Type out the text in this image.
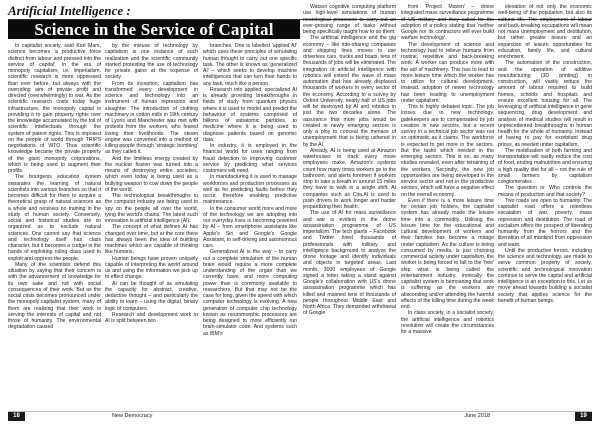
Artificial Intelligence :
Science in the Service of Capital

In capitalist society, said Karl Marx, science becomes 'a productive force distinct from labour and pressed into the service of capital'. In the era of monopoly capitalism, i.e. imperialism, scientific research is more oppressed than ever before, but always with the overriding aim of private profit and directed (overwhelmingly) to war. As the scientific research costs today huge infrastructure, the monopoly capital is providing it to gain property rights over the knowledge accumulated by the toil of scientific intellectuals through the system of patent rights. This is imposed on the people of world through TRIPS negotiations of WTO. Thus scientific knowledge became the private property of the giant monopoly corporations, which is being used to augment their profits.

The bourgeois education system separates the learning of natural scientists into various branches so that it becomes difficult for them to acquire a theoretical grasp of natural sciences as a whole and receives no training in the study of human society. Conversely, social and historical studies are so organized as to exclude natural sciences. One cannot say that science and technology itself has class character, but it becomes a cudgel in the hands of exploiting ruling class used to exploit and oppress the people.

Many of the scientists defend this situation by saying that their concern is with the advancement of knowledge for its own sake and not with social consequences of their work. But as the social crisis becomes pronounced under the monopoly capitalist system, many of them are realizing that their work is serving the interests of capital and not those of humanity. The environmental degradation caused

by the misuse of technology by capitalism is one instance of such realization and the scientific community started protesting the use of technology for private gains at the expense of society.

From its inception, capitalism has transformed every development in science and technology into an instrument of human repression and slaughter. The introduction of clothing machinery in cotton mills in 19th century of Lyons and Manchester was met with protests from the workers, who feared losing their livelihoods. The steam engine was converted into a method of killing people through 'strategic bombing' as they called it.

And the limitless energy created by the nuclear fission was turned into a means of destroying entire societies, which even today is being used as a bullying weapon to cow down the people of the world.

The technological breakthroughs in the computer industry are being used to spy on the people all over the world, tying the world's chains. The latest such innovation is artificial intelligence (AI).

The concept of what defines AI has changed over time, but at the core there has always been the idea of building machines which are capable of thinking like humans.

Human beings have proven uniquely capable of interpreting the world around us and using the information we pick up to effect change.

AI can be thought of as simulating the capacity for abstract, creative, deductive thought – and particularly the ability to learn – using the digital, binary logic of computers.

Research and development work in AI is split between two

branches. One is labelled 'applied AI' which uses these principles of simulating human thought to carry out one specific task. The other is known as 'generalized AI' – which seeks to develop machine intelligences that can turn their hands to any task, much like a person.

Research into applied, specialized AI is already providing breakthroughs in fields of study from quantum physics where it is used to model and predict the behaviour of systems comprised of billions of subatomic particles, to medicine where it is being used to diagnose patients based on genomic data.

In industry, it is employed in the financial world for uses ranging from fraud detection to improving customer service by predicting what services customers will need.

In manufacturing it is used to manage workforces and production processes as well as for predicting faults before they occur, therefore enabling predictive maintenance.

In the consumer world more and more of the technology we are adopting into our everyday lives is becoming powered by AI – from smartphone assistants like Apple's Siri and Google's Google Assistant, to self-driving and autonomous cars.

Generalized AI is the way – to carry out a complete simulation of the human brain would require a more complete understanding of the organ than we currently have, and more computing power than is commonly available to researchers. But that may not be the case for long, given the speed with which computer technology is evolving. A new generation of computer chip technology known as neuromorphic processors are being designed to more efficiently run brain-simulator code. And systems such as IBM's

Watson cognitive computing platform use high-level simulations of human neurological processes to carry out an ever-growing range of tasks without being specifically taught how to do them.

The artificial intelligence and the gig economy – like ride-sharing companies and shipping lines moves to use driverless cars, trucks and boats, tens of thousands of jobs will be eliminated. The integration of artificial intelligence with robotics will extend the wave of mass automation that has already displaced thousands of workers in every sector of the economy. According to a survey by Oxford University, nearly half of US jobs will be destroyed by AI and robotics in just the two decades alone. The assurance that more jobs would be created in newly emerging sectors is only a ploy to conceal the menace of unemployment that is being ushered in by the AI.

Already, AI is being used at Amazon warehouses to track every move employees make. Amazon's systems count how many times workers go to the bathroom, and alerts foremen if workers stop to take a breath in around 15 miles they have to walk in a single shift. AI companies such as Cita.AI is used to push drivers to work longer and harder jeopardizing their health.

The use of AI for mass surveillance and war is evident in the drone assassination programme of US imperialism. The tech giants – Facebook and Twitter hired thousands of professionals with military and intelligence background to analyze the drone footage and identify individuals and objects in targeted areas. Last month, 3000 employees of Google signed a letter taking a stand against Google's collaboration with US's drone assassination programme which has killed and maimed tens of thousands of people throughout Middle East and North Africa. They demanded withdrawal of Google

from 'Project Maven' – drone integrated mass surveillance programme of US military and they called for the adoption of a policy stating that 'neither Google nor its contractors will ever build warfare technology'.

The development of science and technology had to relieve humans from routine, repetitive and back-breaking work. A worker can produce more with the aid of machinery. This has to lead to more leisure time which the worker has to utilize for cultural development. Instead, adoption of newer technology has been leading to unemployment under capitalism.

This is highly debated topic. The job losses due to new technology, gatekeepers are to compensated by job creation in new sectors, but a recent survey in a technical job sector was not so optimistic as it claims. The workforce is expected to get more in the sectors. But the tasks which needed in the emerging sectors. This is so, as many studies revealed, even after retraining of the workers. Secondly, the new job opportunities are being developed in the service sector and not in the productive sectors, which will have a negative effect on the overall economy.

Even if there is a more leisure time for certain job holders, the capitalist system has already made the leisure time into a commodity. Utilising the leisure time for the educational and cultural development of workers and their families has become a mirage under capitalism. As the culture is being consumed by media, is just churning commercial activity under capitalism, the worker is being forced to fall to the 'free' ship what is being called the entertainment industry. Ironically the capitalist system is bemoaning that work is suffering as the workers are absconding and/or attending the harmful effects of the killing time during the week end.

In class society, in a socialist society, the artificial intelligence and robotics revolution will create the circumstances for a massive

elevation of not only the economic well-being of the population, but also its cultural life. The employment of labour and back-breaking occupations will mean not mass unemployment and destitution, but rather greater leisure and an expansion of leisure opportunities for education, family life, and cultural enrichment.

The automation of the construction, and the operation of additive manufacturing (3D printing) in construction, will vastly reduce the amount of labour required to build homes, schools and hospitals and ensure excellent housing for all. The leveraging of artificial intelligence in gene sequencing, drug development and analysis of medical studies will result in unprecedented breakthroughs in human health for the whole of humanity. Instead of having to pay for exorbitant drug prices, as needed under capitalism.

The mobilization of both farming and transportation will vastly reduce the cost of food, ending malnutrition and ensuring a high quality diet for all – not the rule of small farmers by capitalism conglomerates.

The question is: Who controls the means of production and that society?

Two roads are open to humanity. The capitalist road offers a relentless escalation of war, poverty, mass repression and destitution. The road of socialism offers the prospect of liberating humanity from the horrors and the liberation of all mankind from oppression and want.

Until the productive forces, including the science and technology, are made to serve common property of society, scientific and technological innovation continue to serve the capital and artificial intelligence is an exception to this. Let us move ahead towards building a socialist society that applies science for the benefit of human beings.

18	New Democracy	June 2018	19
